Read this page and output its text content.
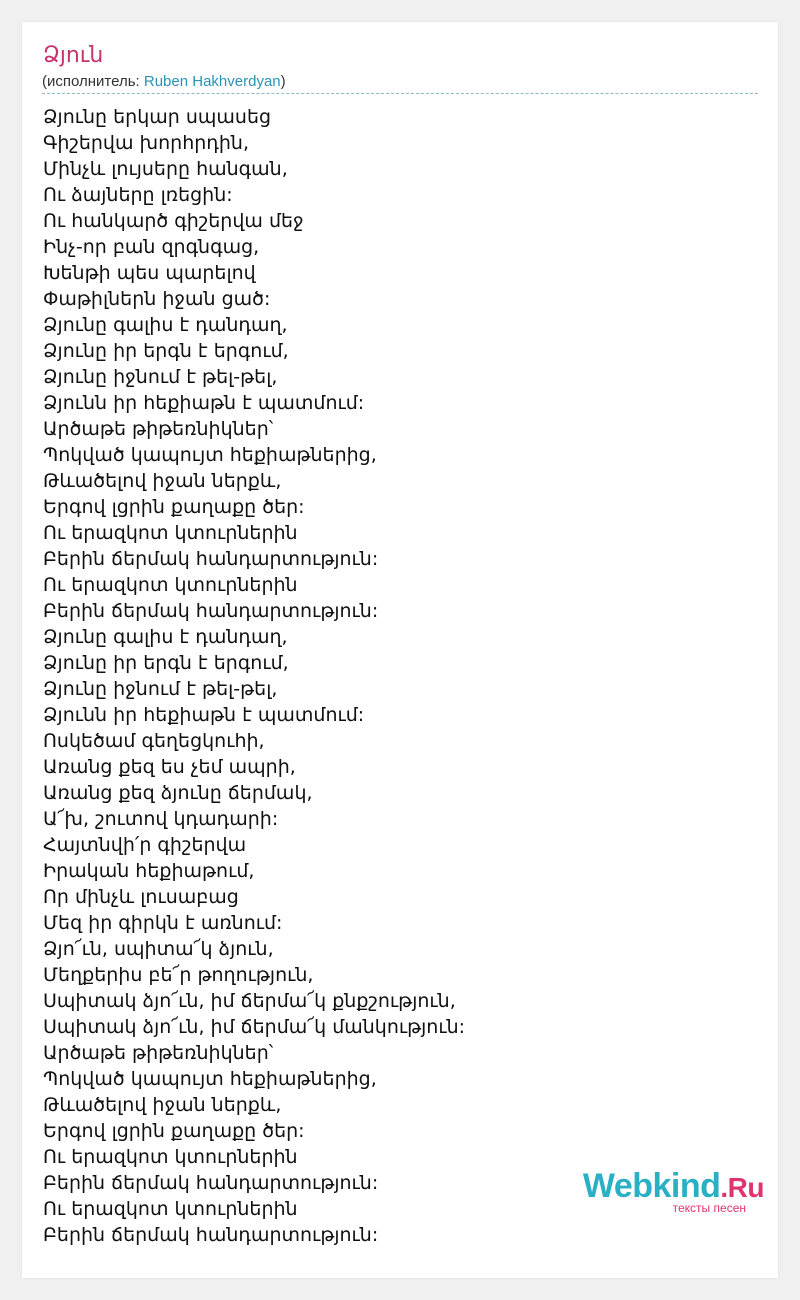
Ձյուն
(исполнитель: Ruben Hakhverdyan)
Ձյունը երկար սպասեց
Գիշերվա խորհրդին,
Մինչև լույսերը հանգան,
Ու ձայները լռեցին:
Ու հանկարծ գիշերվա մեջ
Ինչ-որ բան զրգնգաց,
Խենթի պես պարելով
Փաթիլներն իջան ցած:
Ձյունը գալիս է դանդաղ,
Ձյունը իր երգն է երգում,
Ձյունը իջնում է թել-թել,
Ձյունն իր հեքիաթն է պատմում:
Արծաթե թիթեռնիկներ՝
Պոկված կապույտ հեքիաթներից,
Թևածելով իջան ներքև,
Երգով լցրին քաղաքը ծեր:
Ու երազկոտ կտուրներին
Բերին ճերմակ հանդարտություն:
Ու երազկոտ կտուրներին
Բերին ճերմակ հանդարտություն:
Ձյունը գալիս է դանդաղ,
Ձյունը իր երգն է երգում,
Ձյունը իջնում է թել-թել,
Ձյունն իր հեքիաթն է պատմում:
Ոսկեծամ գեղեցկուհի,
Առանց քեզ ես չեմ ապրի,
Առանց քեզ ձյունը ճերմակ,
Ա՜խ, շուտով կդադարի:
Հայտնվի՛ր գիշերվա
Իրական հեքիաթում,
Որ մինչև լուսաբաց
Մեզ իր գիրկն է առնում:
Ձյո՜ւն, սպիտա՜կ ձյուն,
Մեղքերիս բե՜ր թողություն,
Սպիտակ ձյո՜ւն, իմ ճերմա՜կ քնքշություն,
Սպիտակ ձյո՜ւն, իմ ճերմա՜կ մանկություն:
Արծաթե թիթեռնիկներ՝
Պոկված կապույտ հեքիաթներից,
Թևածելով իջան ներքև,
Երգով լցրին քաղաքը ծեր:
Ու երազկոտ կտուրներին
Բերին ճերմակ հանդարտություն:
Ու երազկոտ կտուրներին
Բերին ճերմակ հանդարտություն:
Webkind.Ru
тексты песен
